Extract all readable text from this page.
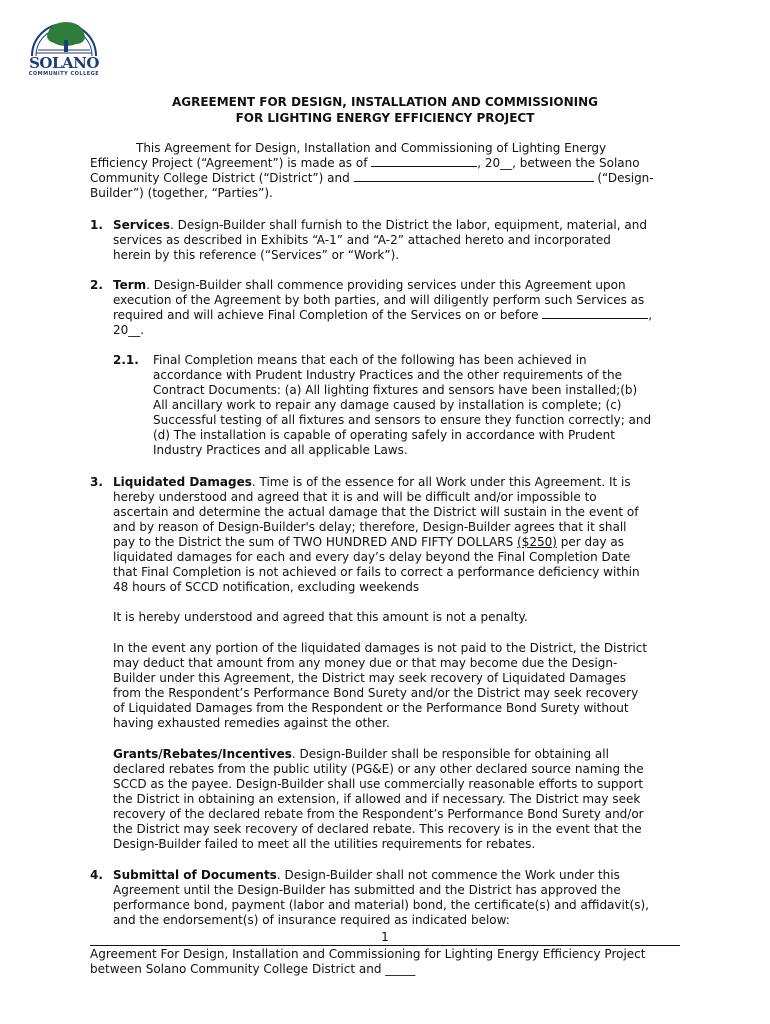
SOLANO
COMMUNITY COLLEGE
AGREEMENT FOR DESIGN, INSTALLATION AND COMMISSIONING
FOR LIGHTING ENERGY EFFICIENCY PROJECT
This Agreement for Design, Installation and Commissioning of Lighting Energy
Efficiency Project (“Agreement”) is made as of	, 20__, between the Solano
Community College District (“District”) and	(“Design-
Builder”) (together, “Parties”).
1. Services. Design-Builder shall furnish to the District the labor, equipment, material, and
services as described in Exhibits “A-1” and “A-2” attached hereto and incorporated
herein by this reference (“Services” or “Work”).
2. Term. Design-Builder shall commence providing services under this Agreement upon
execution of the Agreement by both parties, and will diligently perform such Services as
required and will achieve Final Completion of the Services on or before	,
20__.
2.1. Final Completion means that each of the following has been achieved in
accordance with Prudent Industry Practices and the other requirements of the
Contract Documents: (a) All lighting fixtures and sensors have been installed;(b)
All ancillary work to repair any damage caused by installation is complete; (c)
Successful testing of all fixtures and sensors to ensure they function correctly; and
(d) The installation is capable of operating safely in accordance with Prudent
Industry Practices and all applicable Laws.
3. Liquidated Damages. Time is of the essence for all Work under this Agreement. It is
hereby understood and agreed that it is and will be difficult and/or impossible to
ascertain and determine the actual damage that the District will sustain in the event of
and by reason of Design-Builder's delay; therefore, Design-Builder agrees that it shall
pay to the District the sum of TWO HUNDRED AND FIFTY DOLLARS ($250) per day as
liquidated damages for each and every day’s delay beyond the Final Completion Date
that Final Completion is not achieved or fails to correct a performance deficiency within
48 hours of SCCD notification, excluding weekends
It is hereby understood and agreed that this amount is not a penalty.
In the event any portion of the liquidated damages is not paid to the District, the District
may deduct that amount from any money due or that may become due the Design-
Builder under this Agreement, the District may seek recovery of Liquidated Damages
from the Respondent’s Performance Bond Surety and/or the District may seek recovery
of Liquidated Damages from the Respondent or the Performance Bond Surety without
having exhausted remedies against the other.
Grants/Rebates/Incentives. Design-Builder shall be responsible for obtaining all
declared rebates from the public utility (PG&E) or any other declared source naming the
SCCD as the payee. Design-Builder shall use commercially reasonable efforts to support
the District in obtaining an extension, if allowed and if necessary. The District may seek
recovery of the declared rebate from the Respondent’s Performance Bond Surety and/or
the District may seek recovery of declared rebate. This recovery is in the event that the
Design-Builder failed to meet all the utilities requirements for rebates.
4. Submittal of Documents. Design-Builder shall not commence the Work under this
Agreement until the Design-Builder has submitted and the District has approved the
performance bond, payment (labor and material) bond, the certificate(s) and affidavit(s),
and the endorsement(s) of insurance required as indicated below:
1
Agreement For Design, Installation and Commissioning for Lighting Energy Efficiency Project
between Solano Community College District and _____
